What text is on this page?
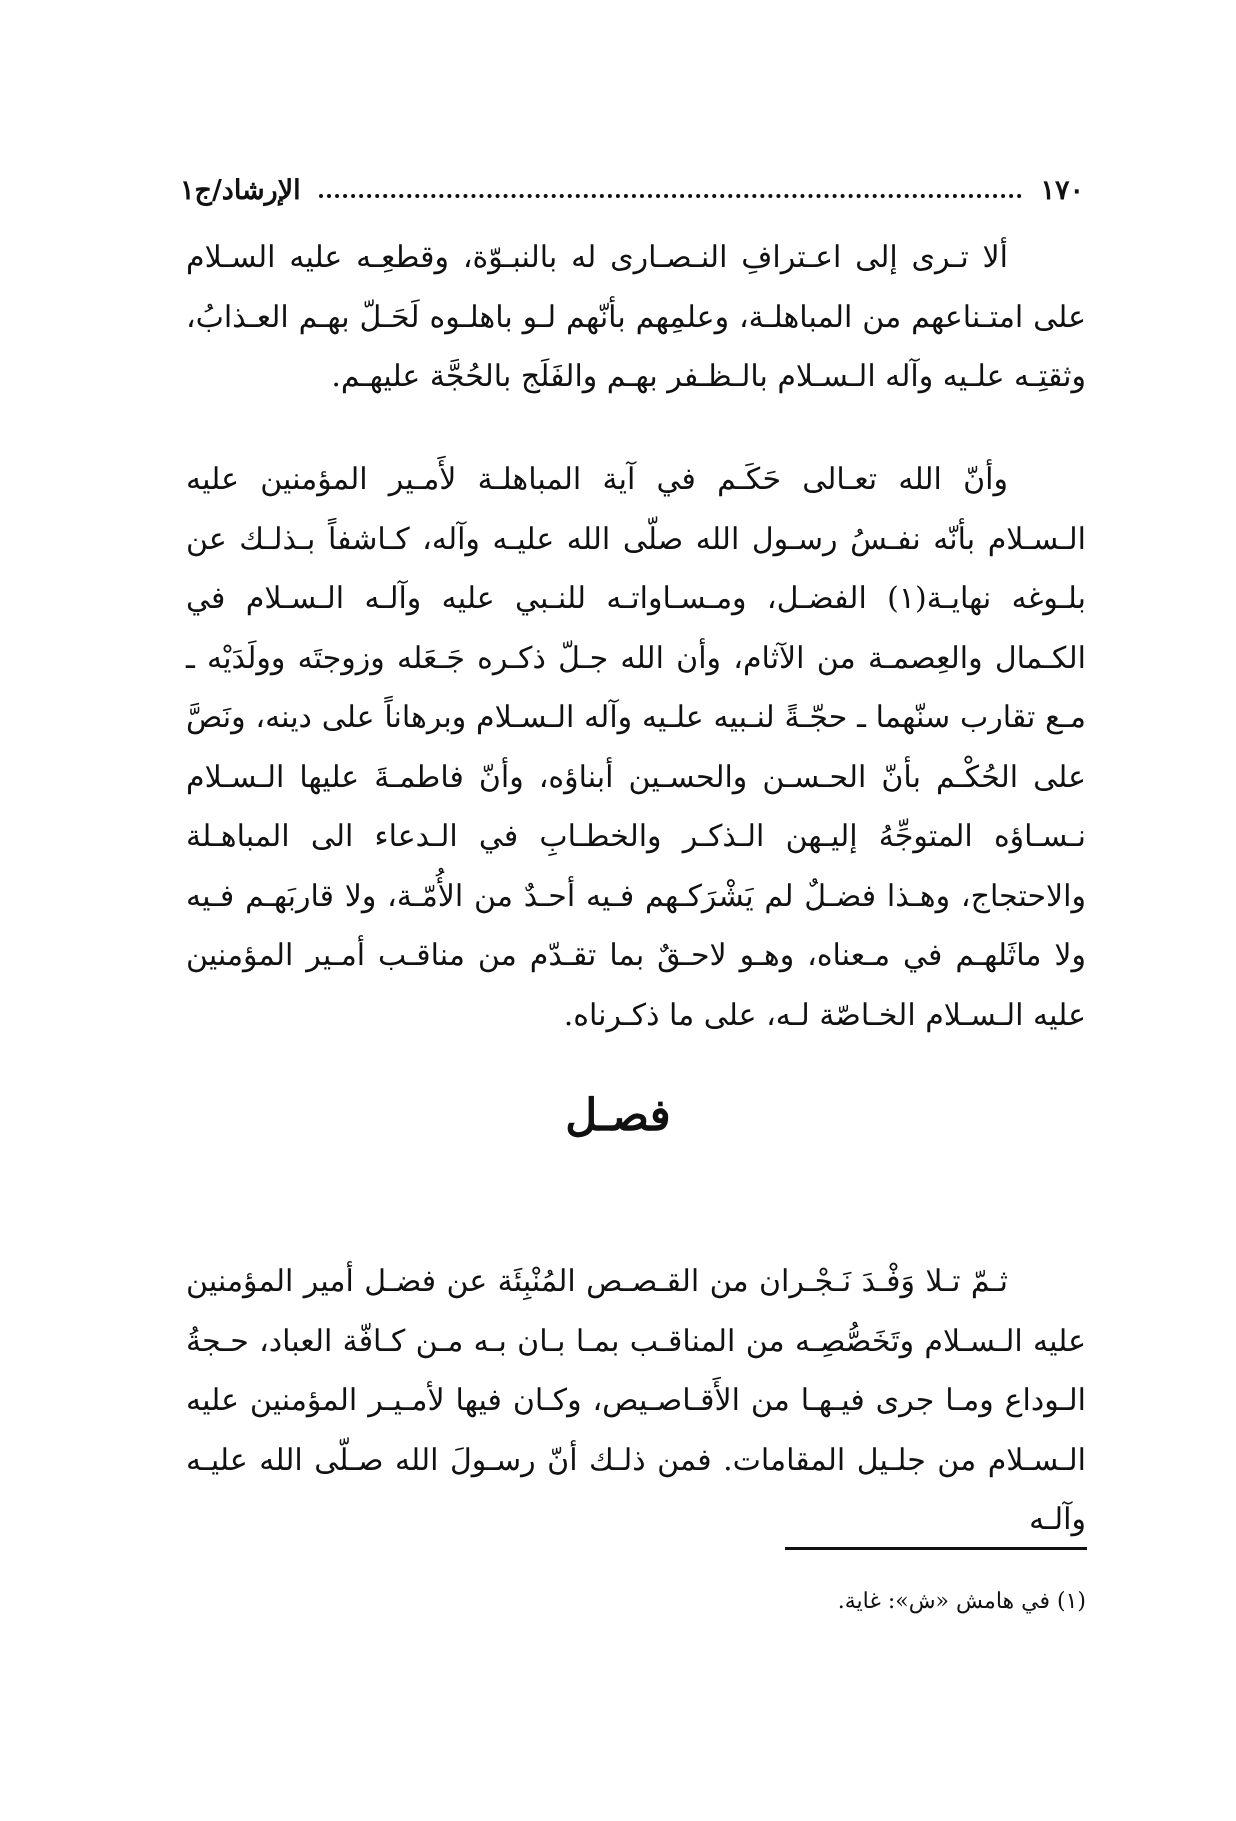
١٧٠
الإرشاد/ج١

ألا تـرى إلى اعـترافِ النـصـارى له بالنبـوّة، وقطعِـه عليه السـلام على امتـناعهم من المباهلـة، وعلمِهم بأنّهم لـو باهلـوه لَحَـلّ بهـم العـذابُ، وثقتِـه علـيه وآله الـسـلام بالـظـفر بهـم والفَلَج بالحُجَّة عليهـم.

وأنّ الله تعـالى حَكَـم في آية المباهلـة لأَمـير المؤمنين عليه الـسـلام بأنّه نفـسُ رسـول الله صلّى الله عليـه وآله، كـاشفاً بـذلـك عن بلـوغه نهايـة(١) الفضـل، ومـسـاواتـه للنـبي عليه وآلـه الـسـلام في الكـمال والعِصمـة من الآثام، وأن الله جـلّ ذكـره جَـعَله وزوجتَه وولَدَيْه ـ مـع تقارب سنّهما ـ حجّـةً لنـبيه علـيه وآله الـسـلام وبرهاناً على دينه، ونَصَّ على الحُكْـم بأنّ الحـسـن والحسـين أبناؤه، وأنّ فاطمـةَ عليها الـسـلام نـسـاؤه المتوجِّهُ إليـهن الـذكـر والخطـابِ في الـدعاء الى المباهـلة والاحتجاج، وهـذا فضـلٌ لم يَشْرَكـهم فـيه أحـدٌ من الأُمّـة، ولا قاربَهـم فـيه ولا ماثَلهـم في مـعناه، وهـو لاحـقٌ بما تقـدّم من مناقـب أمـير المؤمنين عليه الـسـلام الخـاصّة لـه، على ما ذكـرناه.

فصـل

ثـمّ تـلا وَفْـدَ نَـجْـران من القـصـص المُنْبِئَة عن فضـل أمير المؤمنين عليه الـسـلام وتَخَصُّصِـه من المناقـب بمـا بـان بـه مـن كـافّة العباد، حـجةُ الـوداع ومـا جرى فيـهـا من الأَقـاصـيص، وكـان فيها لأمـيـر المؤمنين عليه الـسـلام من جلـيل المقامات. فمن ذلـك أنّ رسـولَ الله صـلّى الله عليـه وآلـه

(١) في هامش «ش»: غاية.
